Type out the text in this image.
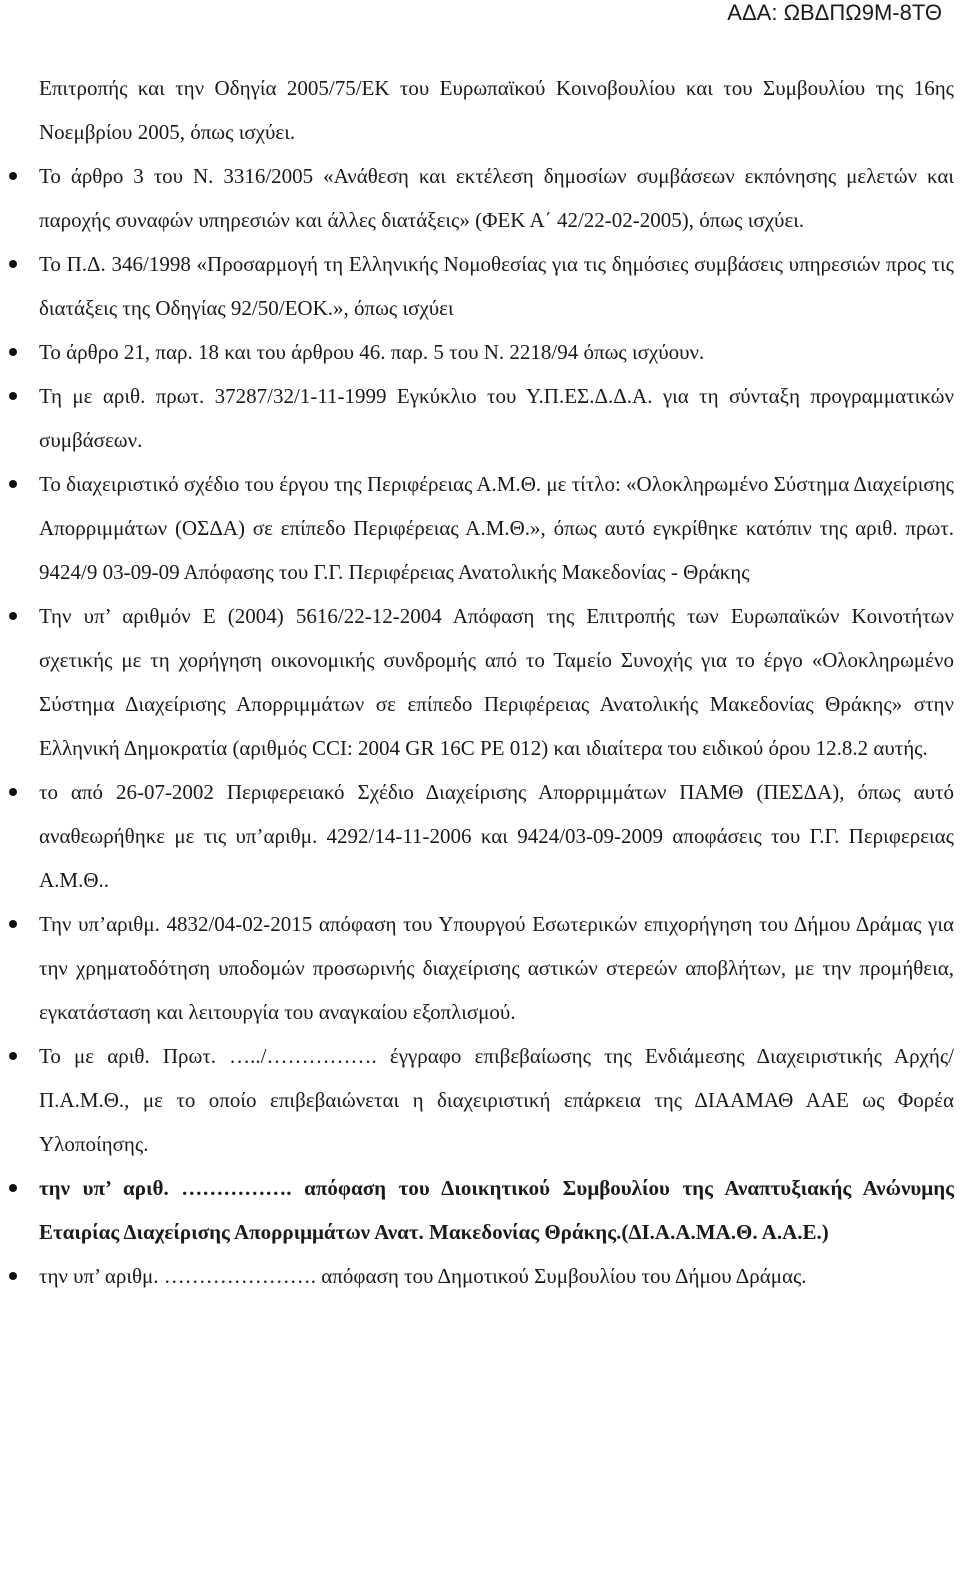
ΑΔΑ: ΩΒΔΠΩ9Μ-8ΤΘ

Επιτροπής και την Οδηγία 2005/75/ΕΚ του Ευρωπαϊκού Κοινοβουλίου και του Συμβουλίου της 16ης Νοεμβρίου 2005, όπως ισχύει.

Το άρθρο 3 του Ν. 3316/2005 «Ανάθεση και εκτέλεση δημοσίων συμβάσεων εκπόνησης μελετών και παροχής συναφών υπηρεσιών και άλλες διατάξεις» (ΦΕΚ Α΄ 42/22-02-2005), όπως ισχύει.

Το Π.Δ. 346/1998 «Προσαρμογή τη Ελληνικής Νομοθεσίας για τις δημόσιες συμβάσεις υπηρεσιών προς τις διατάξεις της Οδηγίας 92/50/ΕΟΚ.», όπως ισχύει

Το άρθρο 21, παρ. 18 και του άρθρου 46. παρ. 5 του Ν. 2218/94 όπως ισχύουν.

Τη με αριθ. πρωτ. 37287/32/1-11-1999 Εγκύκλιο του Υ.Π.ΕΣ.Δ.Δ.Α. για τη σύνταξη προγραμματικών συμβάσεων.

Το διαχειριστικό σχέδιο του έργου της Περιφέρειας Α.Μ.Θ. με τίτλο: «Ολοκληρωμένο Σύστημα Διαχείρισης Απορριμμάτων (ΟΣΔΑ) σε επίπεδο Περιφέρειας Α.Μ.Θ.», όπως αυτό εγκρίθηκε κατόπιν της αριθ. πρωτ. 9424/9 03-09-09 Απόφασης του Γ.Γ. Περιφέρειας Ανατολικής Μακεδονίας - Θράκης

Την υπ’ αριθμόν Ε (2004) 5616/22-12-2004 Απόφαση της Επιτροπής των Ευρωπαϊκών Κοινοτήτων σχετικής με τη χορήγηση οικονομικής συνδρομής από το Ταμείο Συνοχής για το έργο «Ολοκληρωμένο Σύστημα Διαχείρισης Απορριμμάτων σε επίπεδο Περιφέρειας Ανατολικής Μακεδονίας Θράκης» στην Ελληνική Δημοκρατία (αριθμός CCI: 2004 GR 16C PE 012) και ιδιαίτερα του ειδικού όρου 12.8.2 αυτής.

το από 26-07-2002 Περιφερειακό Σχέδιο Διαχείρισης Απορριμμάτων ΠΑΜΘ (ΠΕΣΔΑ), όπως αυτό αναθεωρήθηκε με τις υπ’αριθμ. 4292/14-11-2006 και 9424/03-09-2009 αποφάσεις του Γ.Γ. Περιφερειας Α.Μ.Θ..

Την υπ’αριθμ. 4832/04-02-2015 απόφαση του Υπουργού Εσωτερικών επιχορήγηση του Δήμου Δράμας για την χρηματοδότηση υποδομών προσωρινής διαχείρισης αστικών στερεών αποβλήτων, με την προμήθεια, εγκατάσταση και λειτουργία του αναγκαίου εξοπλισμού.

Το με αριθ. Πρωτ. …../……………. έγγραφο επιβεβαίωσης της Ενδιάμεσης Διαχειριστικής Αρχής/ Π.Α.Μ.Θ., με το οποίο επιβεβαιώνεται η διαχειριστική επάρκεια της ΔΙΑΑΜΑΘ ΑΑΕ ως Φορέα Υλοποίησης.

την υπ’ αριθ. ……………. απόφαση του Διοικητικού Συμβουλίου της Αναπτυξιακής Ανώνυμης Εταιρίας Διαχείρισης Απορριμμάτων Ανατ. Μακεδονίας Θράκης.(ΔΙ.Α.Α.ΜΑ.Θ. Α.Α.Ε.)

την υπ’ αριθμ. …………………. απόφαση του Δημοτικού Συμβουλίου του Δήμου Δράμας.
